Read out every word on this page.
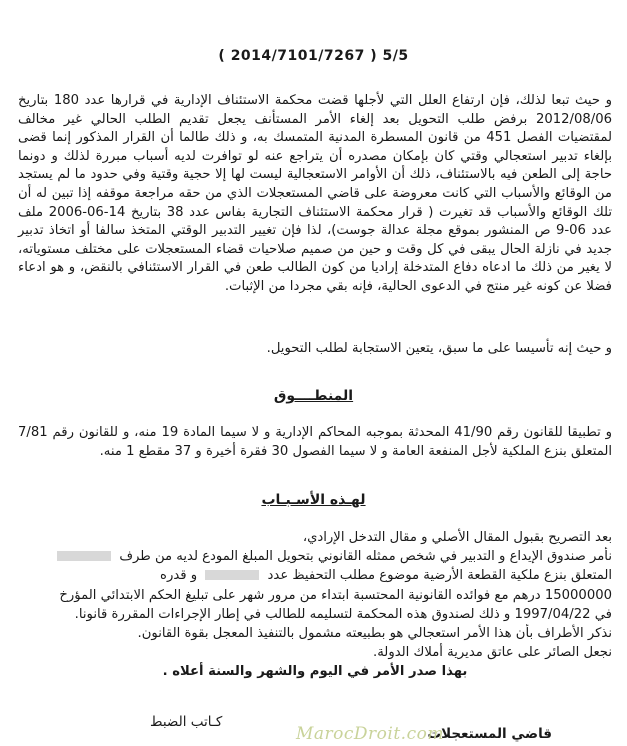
( 2014/7101/7267 ) 5/5
و حيث تبعا لذلك، فإن ارتفاع العلل التي لأجلها قضت محكمة الاستئناف الإدارية في قرارها عدد 180 بتاريخ 2012/08/06 برفض طلب التحويل بعد إلغاء الأمر المستأنف يجعل تقديم الطلب الحالي غير مخالف لمقتضيات الفصل 451 من قانون المسطرة المدنية المتمسك به، و ذلك طالما أن القرار المذكور إنما قضى بإلغاء تدبير استعجالي وقتي كان بإمكان مصدره أن يتراجع عنه لو توافرت لديه أسباب مبررة لذلك و دونما حاجة إلى الطعن فيه بالاستئناف، ذلك أن الأوامر الاستعجالية ليست لها إلا حجية وقتية وفي حدود ما لم يستجد من الوقائع والأسباب التي كانت معروضة على قاضي المستعجلات الذي من حقه مراجعة موقفه إذا تبين له أن تلك الوقائع والأسباب قد تغيرت ( قرار محكمة الاستئناف التجارية بفاس عدد 38 بتاريخ 14-06-2006 ملف عدد 06-9 ص المنشور بموقع مجلة عدالة جوست)، لذا فإن تغيير التدبير الوقتي المتخذ سالفا أو اتخاذ تدبير جديد في نازلة الحال يبقى في كل وقت و حين من صميم صلاحيات قضاء المستعجلات على مختلف مستوياته، لا يغير من ذلك ما ادعاه دفاع المتدخلة إراديا من كون الطالب طعن في القرار الاستئنافي بالنقض، و هو ادعاء فضلا عن كونه غير منتج في الدعوى الحالية، فإنه بقي مجردا من الإثبات.
و حيث إنه تأسيسا على ما سبق، يتعين الاستجابة لطلب التحويل.
المنطــــوق
و تطبيقا للقانون رقم 41/90 المحدثة بموجبه المحاكم الإدارية و لا سيما المادة 19 منه، و للقانون رقم 7/81 المتعلق بنزع الملكية لأجل المنفعة العامة و لا سيما الفصول 30 فقرة أخيرة و 37 مقطع 1 منه.
لهـذه الأسـبـاب
بعد التصريح بقبول المقال الأصلي و مقال التدخل الإرادي،
نأمر صندوق الإيداع و التدبير في شخص ممثله القانوني بتحويل المبلغ المودع لديه من طرف
المتعلق بنزع ملكية القطعة الأرضية موضوع مطلب التحفيظ عدد  و قدره
15000000 درهم مع فوائده القانونية المحتسبة ابتداء من مرور شهر على تبليغ الحكم الابتدائي المؤرخ
في 1997/04/22 و ذلك لصندوق هذه المحكمة لتسليمه للطالب في إطار الإجراءات المقررة قانونا.
نذكر الأطراف بأن هذا الأمر استعجالي هو بطبيعته مشمول بالتنفيذ المعجل بقوة القانون.
نجعل الصائر على عاتق مديرية أملاك الدولة.
بهذا صدر الأمر في اليوم والشهر والسنة أعلاه .
قاضي المستعجلات
كـاتب الضبط
MarocDroit.com
